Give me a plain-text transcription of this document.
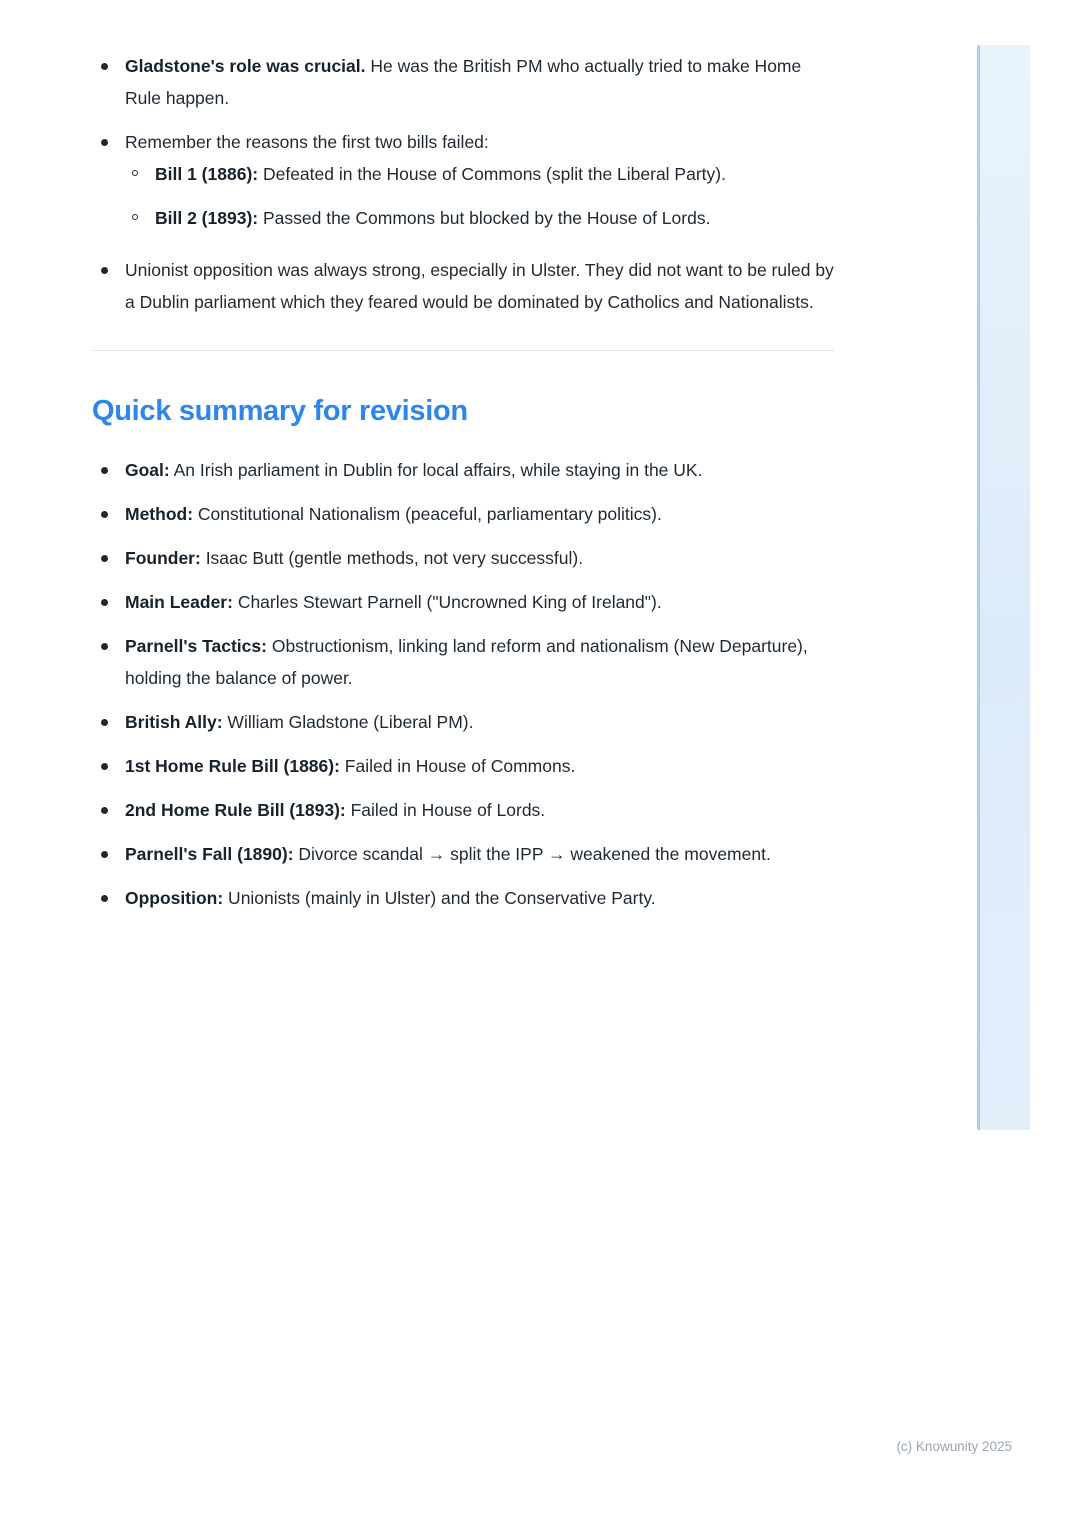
Gladstone's role was crucial. He was the British PM who actually tried to make Home Rule happen.
Remember the reasons the first two bills failed:
Bill 1 (1886): Defeated in the House of Commons (split the Liberal Party).
Bill 2 (1893): Passed the Commons but blocked by the House of Lords.
Unionist opposition was always strong, especially in Ulster. They did not want to be ruled by a Dublin parliament which they feared would be dominated by Catholics and Nationalists.
Quick summary for revision
Goal: An Irish parliament in Dublin for local affairs, while staying in the UK.
Method: Constitutional Nationalism (peaceful, parliamentary politics).
Founder: Isaac Butt (gentle methods, not very successful).
Main Leader: Charles Stewart Parnell ("Uncrowned King of Ireland").
Parnell's Tactics: Obstructionism, linking land reform and nationalism (New Departure), holding the balance of power.
British Ally: William Gladstone (Liberal PM).
1st Home Rule Bill (1886): Failed in House of Commons.
2nd Home Rule Bill (1893): Failed in House of Lords.
Parnell's Fall (1890): Divorce scandal → split the IPP → weakened the movement.
Opposition: Unionists (mainly in Ulster) and the Conservative Party.
(c) Knowunity 2025
